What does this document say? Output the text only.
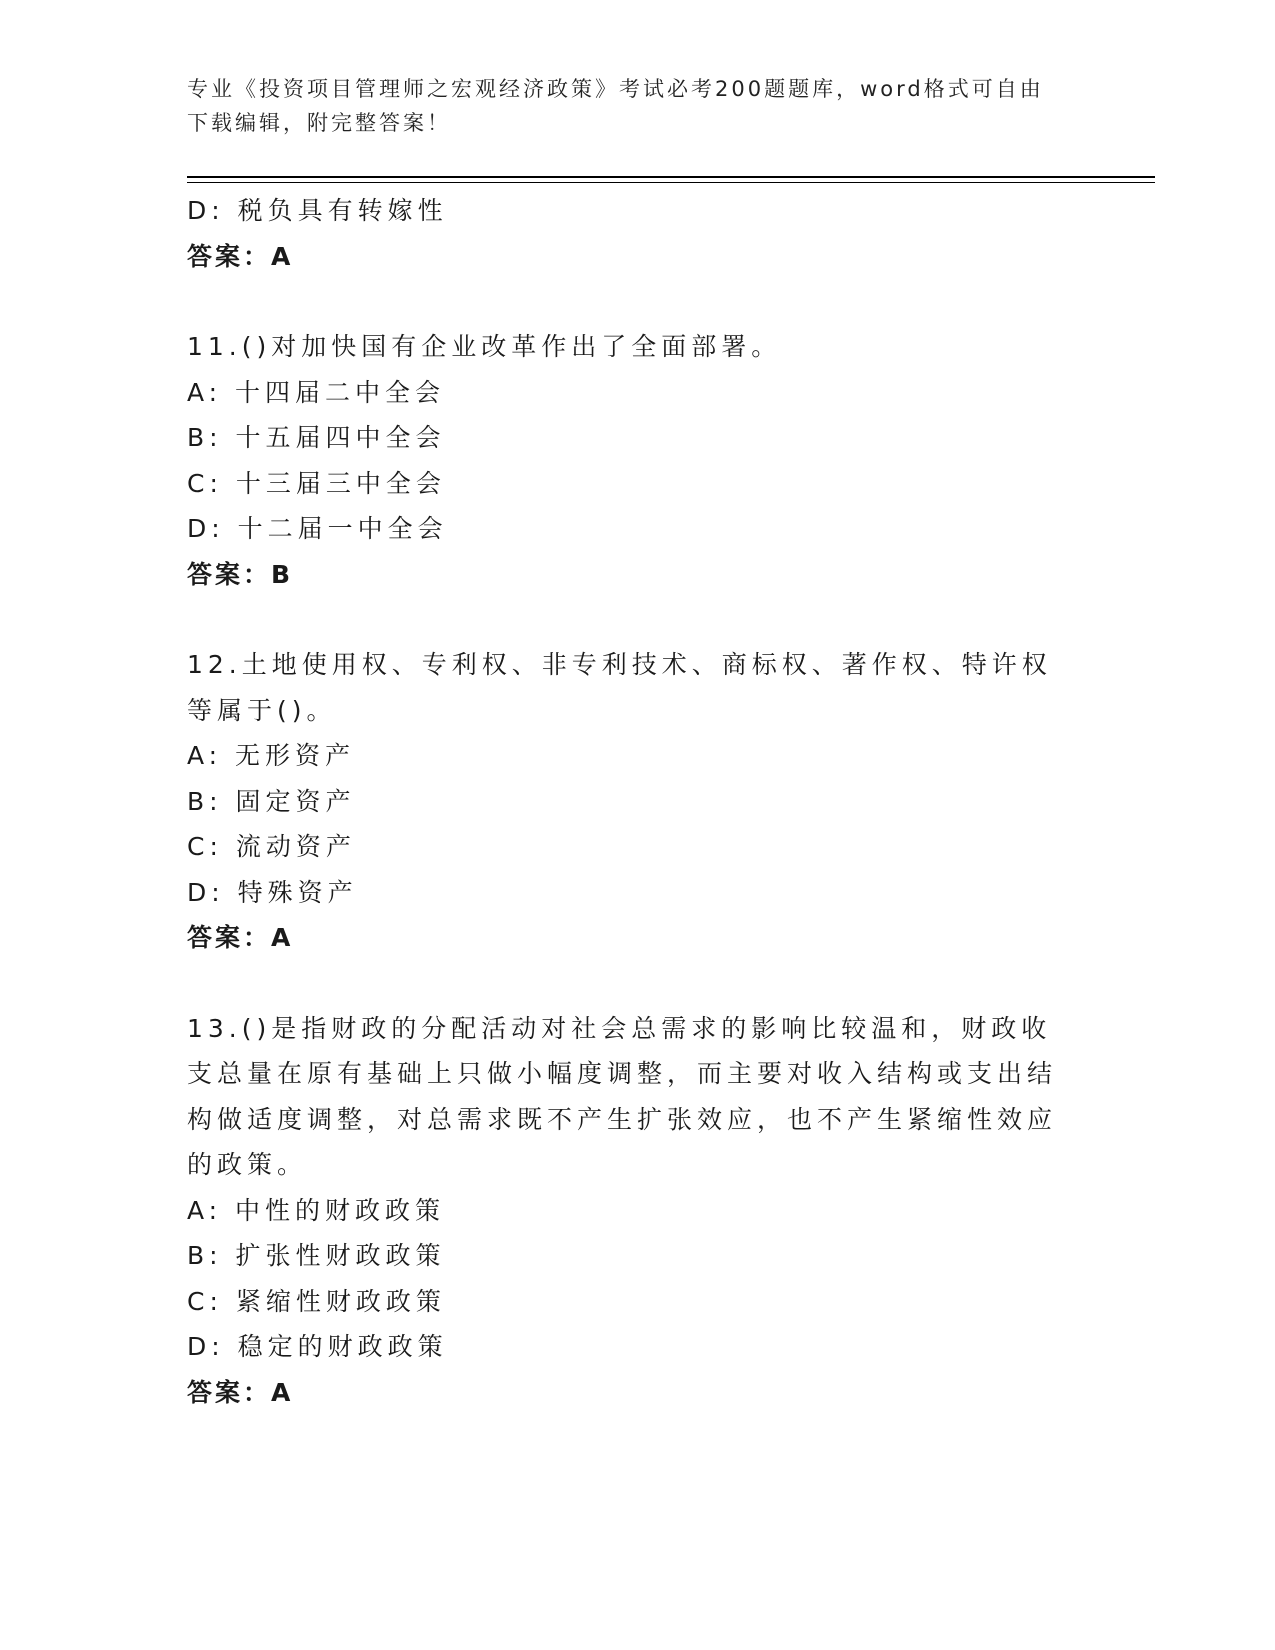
专业《投资项目管理师之宏观经济政策》考试必考200题题库，word格式可自由下载编辑，附完整答案！
D: 税负具有转嫁性
答案：A
11.()对加快国有企业改革作出了全面部署。
A: 十四届二中全会
B: 十五届四中全会
C: 十三届三中全会
D: 十二届一中全会
答案：B
12.土地使用权、专利权、非专利技术、商标权、著作权、特许权等属于()。
A: 无形资产
B: 固定资产
C: 流动资产
D: 特殊资产
答案：A
13.()是指财政的分配活动对社会总需求的影响比较温和，财政收支总量在原有基础上只做小幅度调整，而主要对收入结构或支出结构做适度调整，对总需求既不产生扩张效应，也不产生紧缩性效应的政策。
A: 中性的财政政策
B: 扩张性财政政策
C: 紧缩性财政政策
D: 稳定的财政政策
答案：A
